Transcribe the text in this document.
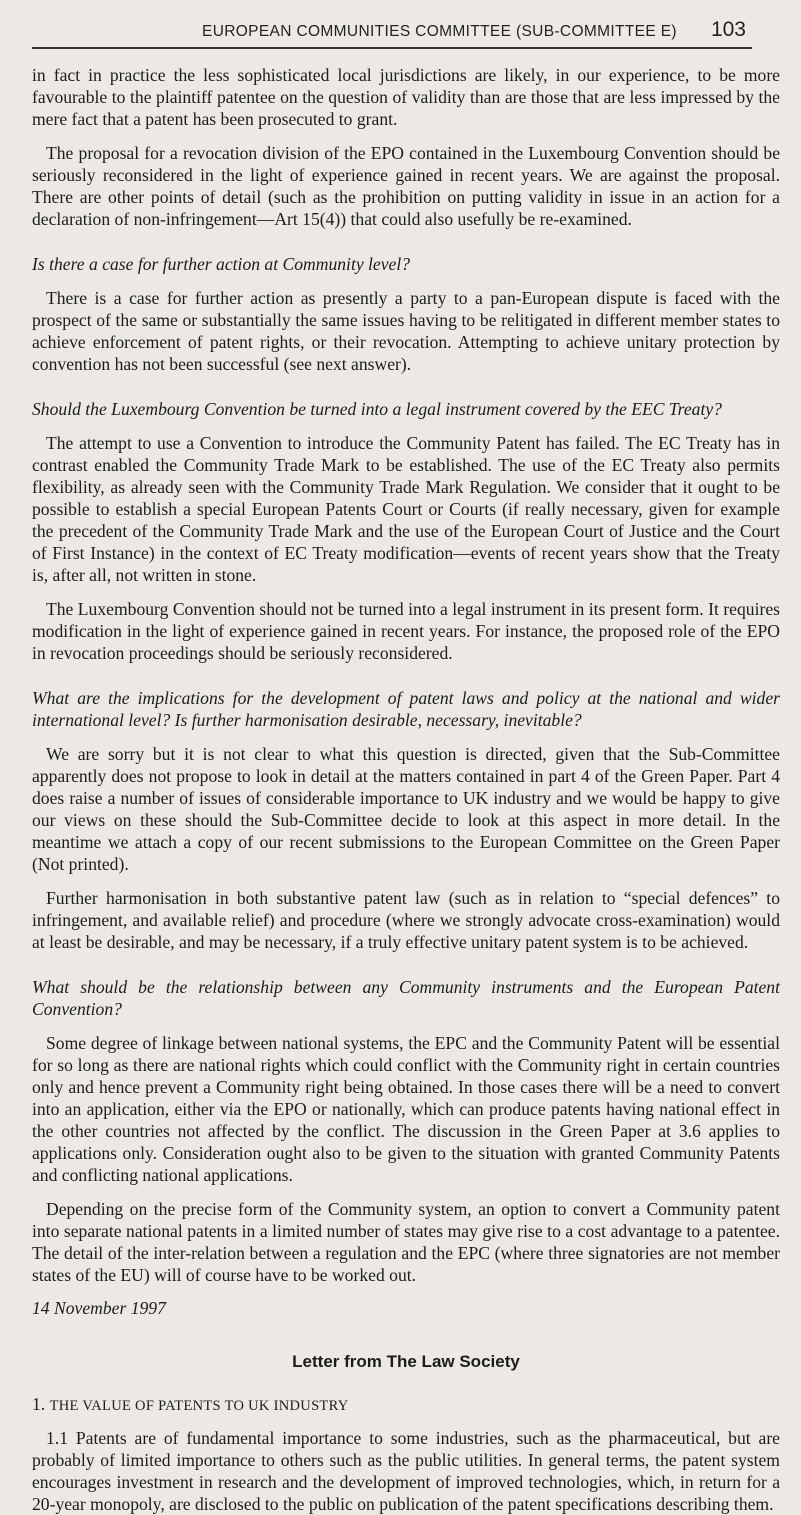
EUROPEAN COMMUNITIES COMMITTEE (SUB-COMMITTEE E) 103

in fact in practice the less sophisticated local jurisdictions are likely, in our experience, to be more favourable to the plaintiff patentee on the question of validity than are those that are less impressed by the mere fact that a patent has been prosecuted to grant.

The proposal for a revocation division of the EPO contained in the Luxembourg Convention should be seriously reconsidered in the light of experience gained in recent years. We are against the proposal. There are other points of detail (such as the prohibition on putting validity in issue in an action for a declaration of non-infringement—Art 15(4)) that could also usefully be re-examined.

Is there a case for further action at Community level?

There is a case for further action as presently a party to a pan-European dispute is faced with the prospect of the same or substantially the same issues having to be relitigated in different member states to achieve enforcement of patent rights, or their revocation. Attempting to achieve unitary protection by convention has not been successful (see next answer).

Should the Luxembourg Convention be turned into a legal instrument covered by the EEC Treaty?

The attempt to use a Convention to introduce the Community Patent has failed. The EC Treaty has in contrast enabled the Community Trade Mark to be established. The use of the EC Treaty also permits flexibility, as already seen with the Community Trade Mark Regulation. We consider that it ought to be possible to establish a special European Patents Court or Courts (if really necessary, given for example the precedent of the Community Trade Mark and the use of the European Court of Justice and the Court of First Instance) in the context of EC Treaty modification—events of recent years show that the Treaty is, after all, not written in stone.

The Luxembourg Convention should not be turned into a legal instrument in its present form. It requires modification in the light of experience gained in recent years. For instance, the proposed role of the EPO in revocation proceedings should be seriously reconsidered.

What are the implications for the development of patent laws and policy at the national and wider international level? Is further harmonisation desirable, necessary, inevitable?

We are sorry but it is not clear to what this question is directed, given that the Sub-Committee apparently does not propose to look in detail at the matters contained in part 4 of the Green Paper. Part 4 does raise a number of issues of considerable importance to UK industry and we would be happy to give our views on these should the Sub-Committee decide to look at this aspect in more detail. In the meantime we attach a copy of our recent submissions to the European Committee on the Green Paper (Not printed).

Further harmonisation in both substantive patent law (such as in relation to “special defences” to infringement, and available relief) and procedure (where we strongly advocate cross-examination) would at least be desirable, and may be necessary, if a truly effective unitary patent system is to be achieved.

What should be the relationship between any Community instruments and the European Patent Convention?

Some degree of linkage between national systems, the EPC and the Community Patent will be essential for so long as there are national rights which could conflict with the Community right in certain countries only and hence prevent a Community right being obtained. In those cases there will be a need to convert into an application, either via the EPO or nationally, which can produce patents having national effect in the other countries not affected by the conflict. The discussion in the Green Paper at 3.6 applies to applications only. Consideration ought also to be given to the situation with granted Community Patents and conflicting national applications.

Depending on the precise form of the Community system, an option to convert a Community patent into separate national patents in a limited number of states may give rise to a cost advantage to a patentee. The detail of the inter-relation between a regulation and the EPC (where three signatories are not member states of the EU) will of course have to be worked out.

14 November 1997
Letter from The Law Society
1. THE VALUE OF PATENTS TO UK INDUSTRY

1.1 Patents are of fundamental importance to some industries, such as the pharmaceutical, but are probably of limited importance to others such as the public utilities. In general terms, the patent system encourages investment in research and the development of improved technologies, which, in return for a 20-year monopoly, are disclosed to the public on publication of the patent specifications describing them.
